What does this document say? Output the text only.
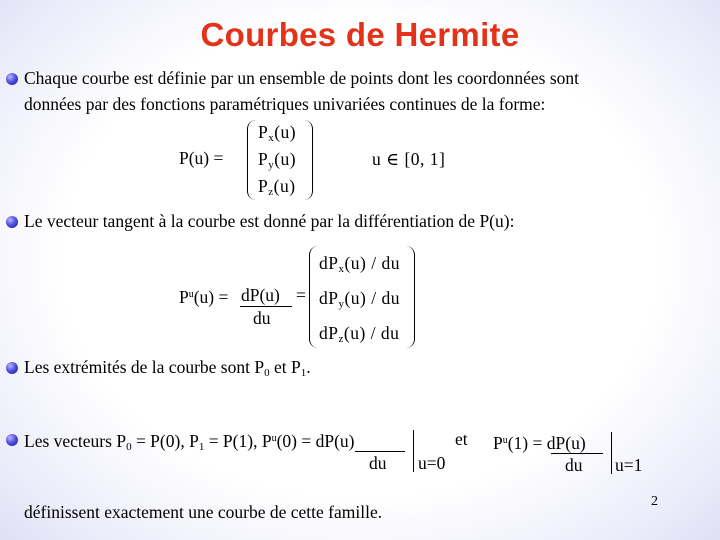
Courbes de Hermite
Chaque courbe est définie par un ensemble de points dont les coordonnées sont
données par des fonctions paramétriques univariées continues de la forme:
P(u) =
$P_x(u)$
$P_y(u)$
$P_z(u)$
u ∈ [0, 1]
Le vecteur tangent à la courbe est donné par la différentiation de P(u):
$P^u(u) = dP(u)$
du
=
$dP_x(u)$ / du
$dP_y(u)$ / du
$dP_z(u)$ / du
Les extrémités de la courbe sont $P_0$ et $P_1$.
Les vecteurs $P_0 = P(0)$, $P_1 = P(1)$, $P^u(0) = dP(u)$
du u=0
et $P^u(1) = dP(u)$
du u=1
définissent exactement une courbe de cette famille.
2
